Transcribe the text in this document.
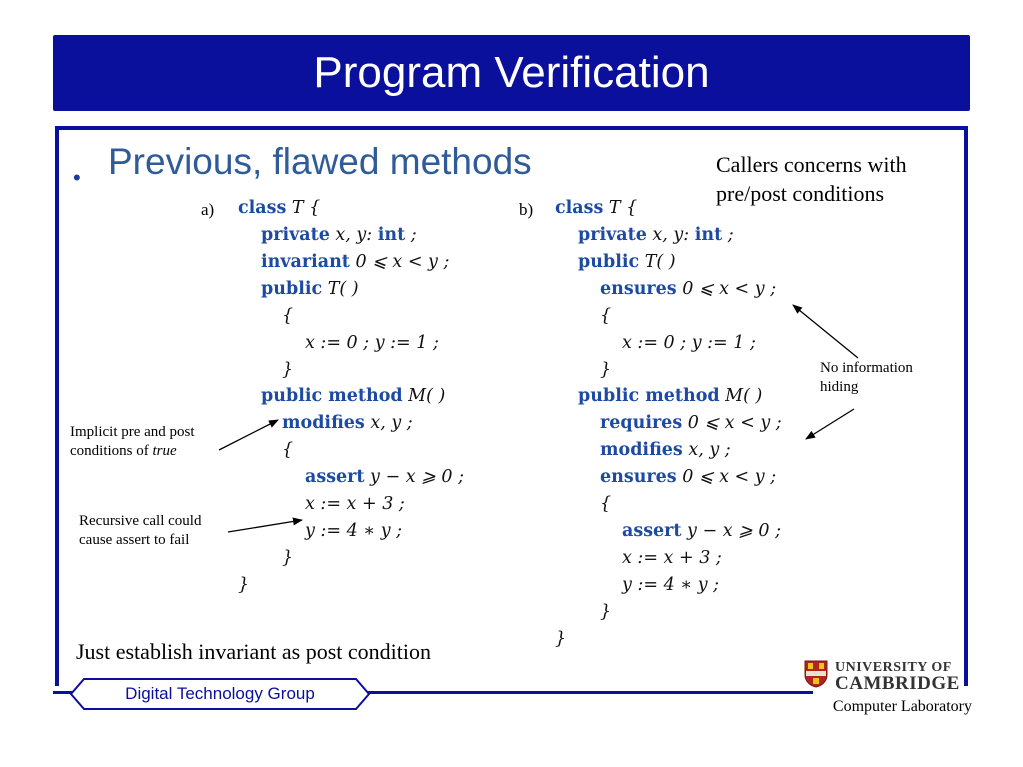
Program Verification
• Previous, flawed methods	Callers concerns with pre/post conditions
a) class T {
private x, y: int ;
invariant 0 ⩽ x < y ;
public T( )
{
x := 0 ; y := 1 ;
}
public method M( )
modifies x, y ;
{
assert y − x ⩾ 0 ;
x := x + 3 ;
y := 4 ∗ y ;
}
}
b) class T {
private x, y: int ;
public T( )
ensures 0 ⩽ x < y ;
{
x := 0 ; y := 1 ;
}
public method M( )
requires 0 ⩽ x < y ;
modifies x, y ;
ensures 0 ⩽ x < y ;
{
assert y − x ⩾ 0 ;
x := x + 3 ;
y := 4 ∗ y ;
}
}
Implicit pre and post
conditions of true
Recursive call could
cause assert to fail
No information
hiding
Just establish invariant as post condition
Digital Technology Group
UNIVERSITY OF
CAMBRIDGE
Computer Laboratory
